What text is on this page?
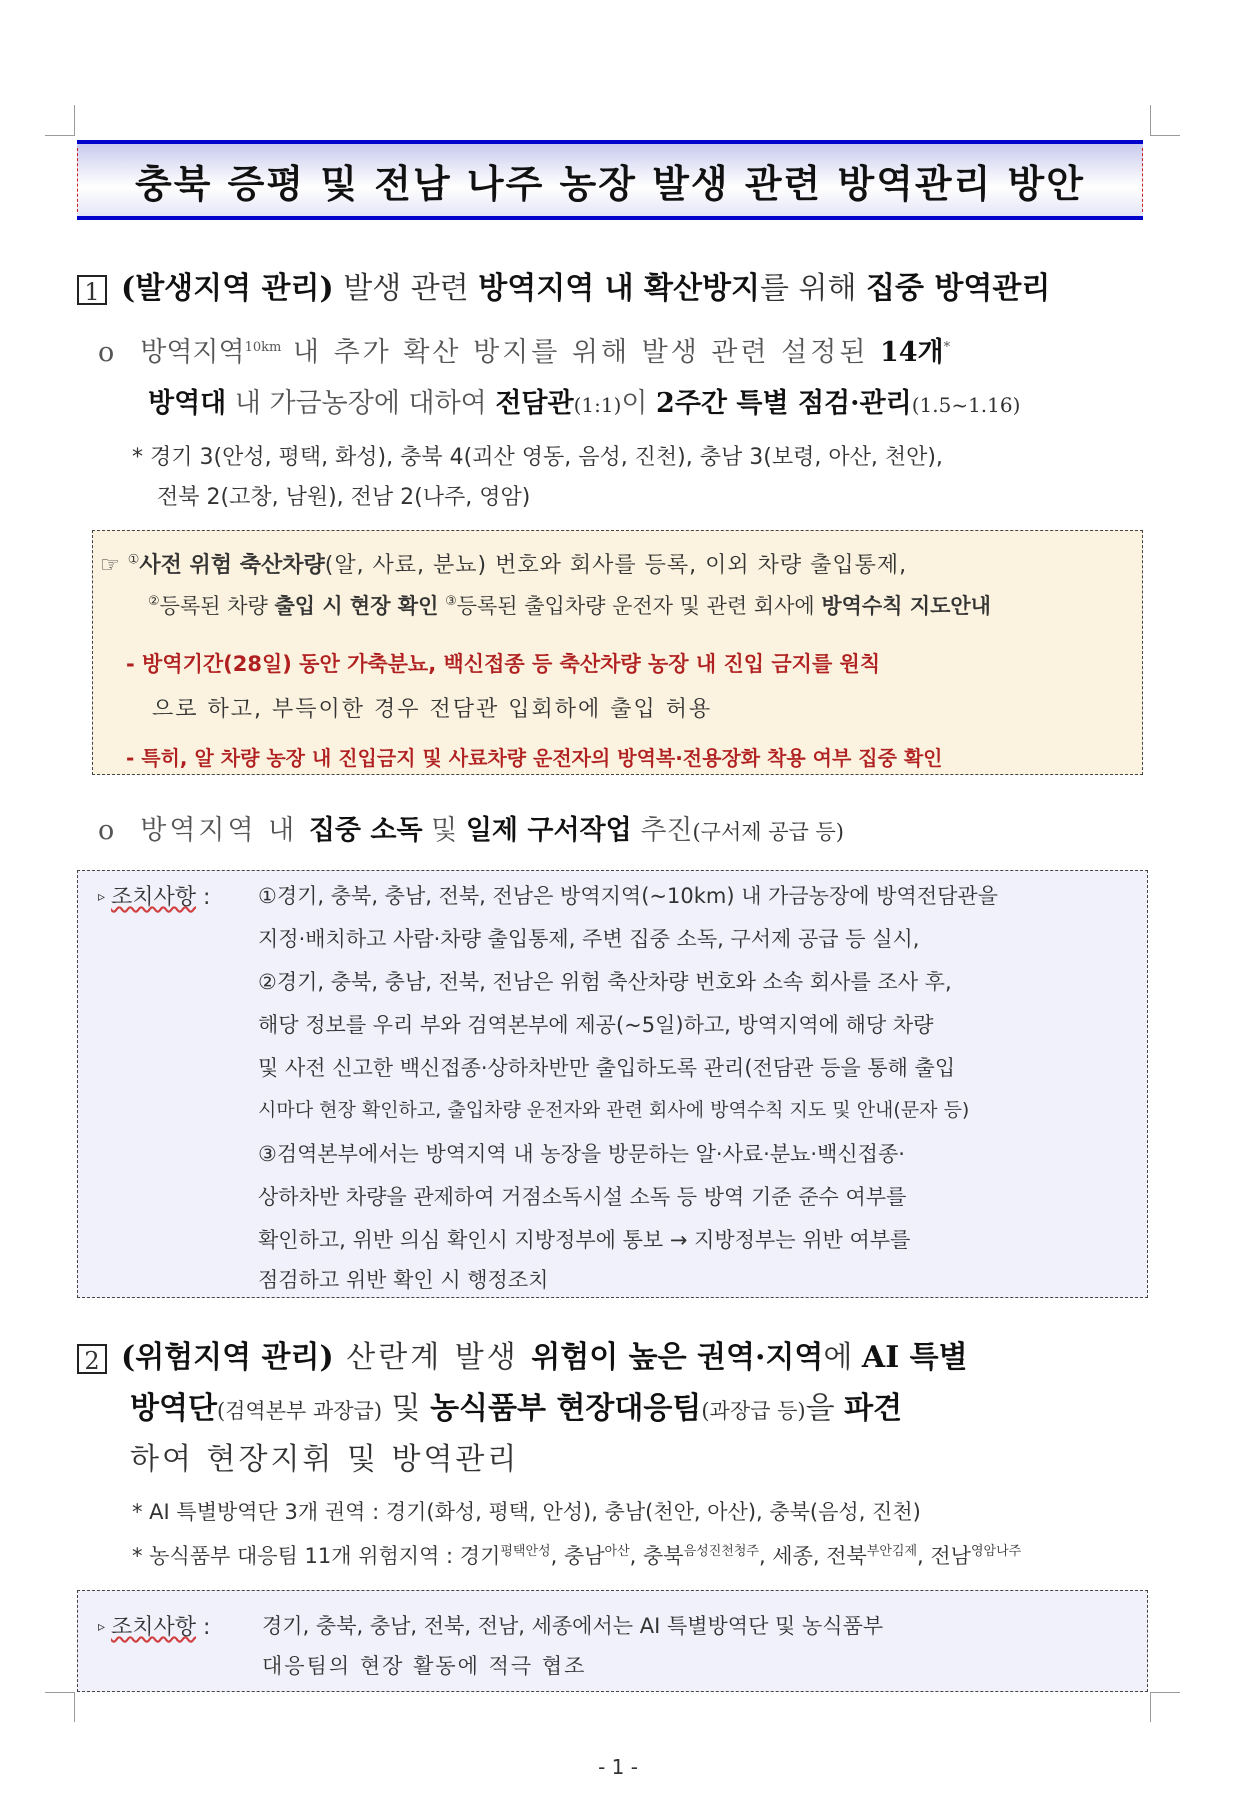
충북 증평 및 전남 나주 농장 발생 관련 방역관리 방안
1 (발생지역 관리) 발생 관련 방역지역 내 확산방지를 위해 집중 방역관리
o 방역지역$^{10km}$ 내 추가 확산 방지를 위해 발생 관련 설정된 14개*
방역대 내 가금농장에 대하여 전담관(1:1)이 2주간 특별 점검·관리(1.5~1.16)
* 경기 3(안성, 평택, 화성), 충북 4(괴산 영동, 음성, 진천), 충남 3(보령, 아산, 천안),
전북 2(고창, 남원), 전남 2(나주, 영암)
☞ ①사전 위험 축산차량(알, 사료, 분뇨) 번호와 회사를 등록, 이외 차량 출입통제,
②등록된 차량 출입 시 현장 확인 ③등록된 출입차량 운전자 및 관련 회사에 방역수칙 지도안내
- 방역기간(28일) 동안 가축분뇨, 백신접종 등 축산차량 농장 내 진입 금지를 원칙
으로 하고, 부득이한 경우 전담관 입회하에 출입 허용
- 특히, 알 차량 농장 내 진입금지 및 사료차량 운전자의 방역복·전용장화 착용 여부 집중 확인
o 방역지역 내 집중 소독 및 일제 구서작업 추진(구서제 공급 등)
▹ 조치사항 : ①경기, 충북, 충남, 전북, 전남은 방역지역(~10km) 내 가금농장에 방역전담관을
지정·배치하고 사람·차량 출입통제, 주변 집중 소독, 구서제 공급 등 실시,
②경기, 충북, 충남, 전북, 전남은 위험 축산차량 번호와 소속 회사를 조사 후,
해당 정보를 우리 부와 검역본부에 제공(~5일)하고, 방역지역에 해당 차량
및 사전 신고한 백신접종·상하차반만 출입하도록 관리(전담관 등을 통해 출입
시마다 현장 확인하고, 출입차량 운전자와 관련 회사에 방역수칙 지도 및 안내(문자 등)
③검역본부에서는 방역지역 내 농장을 방문하는 알·사료·분뇨·백신접종·
상하차반 차량을 관제하여 거점소독시설 소독 등 방역 기준 준수 여부를
확인하고, 위반 의심 확인시 지방정부에 통보 → 지방정부는 위반 여부를
점검하고 위반 확인 시 행정조치
2 (위험지역 관리) 산란계 발생 위험이 높은 권역·지역에 AI 특별
방역단(검역본부 과장급) 및 농식품부 현장대응팀(과장급 등)을 파견
하여 현장지휘 및 방역관리
* AI 특별방역단 3개 권역 : 경기(화성, 평택, 안성), 충남(천안, 아산), 충북(음성, 진천)
* 농식품부 대응팀 11개 위험지역 : 경기$^{평택안성}$, 충남$^{아산}$, 충북$^{음성진천청주}$, 세종, 전북$^{부안김제}$, 전남$^{영암나주}$
▹ 조치사항 : 경기, 충북, 충남, 전북, 전남, 세종에서는 AI 특별방역단 및 농식품부
대응팀의 현장 활동에 적극 협조
- 1 -
